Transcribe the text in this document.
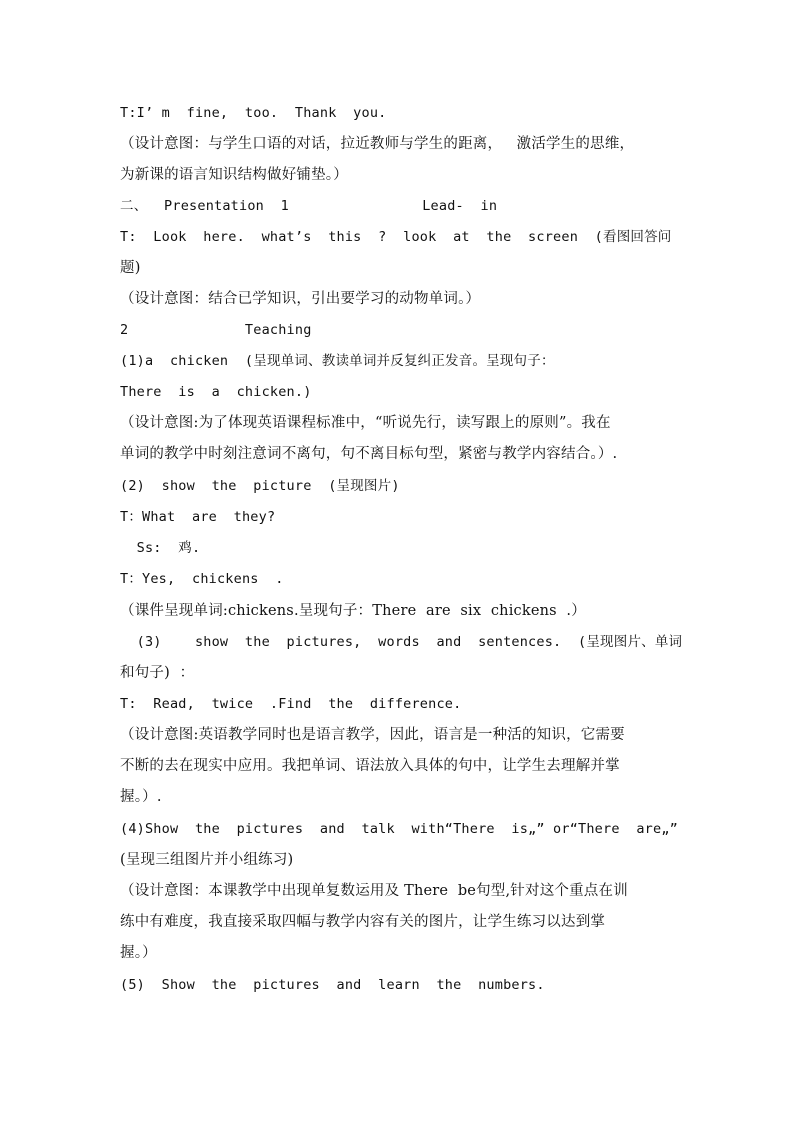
T:I’ m  fine,  too.  Thank  you.
（设计意图：与学生口语的对话，拉近教师与学生的距离，   激活学生的思维，
为新课的语言知识结构做好铺垫。）
二、  Presentation  1                Lead-  in
T:  Look  here.  what’s  this  ?  look  at  the  screen  (看图回答问
题)
（设计意图：结合已学知识，引出要学习的动物单词。）
2              Teaching
(1)a  chicken  (呈现单词、教读单词并反复纠正发音。呈现句子：
There  is  a  chicken.)
（设计意图:为了体现英语课程标准中，“听说先行，读写跟上的原则”。我在
单词的教学中时刻注意词不离句，句不离目标句型，紧密与教学内容结合。）.
(2)  show  the  picture  (呈现图片)
T：What  are  they?
Ss:  鸡.
T：Yes,  chickens  .
（课件呈现单词:chickens.呈现句子：There  are  six  chickens  .）
(3)    show  the  pictures,  words  and  sentences.  (呈现图片、单词
和句子)  ：
T:  Read,  twice  .Find  the  difference.
（设计意图:英语教学同时也是语言教学，因此，语言是一种活的知识，它需要
不断的去在现实中应用。我把单词、语法放入具体的句中，让学生去理解并掌
握。）.
(4)Show  the  pictures  and  talk  with“There  is„” or“There  are„”
(呈现三组图片并小组练习)
（设计意图：本课教学中出现单复数运用及 There  be句型,针对这个重点在训
练中有难度，我直接采取四幅与教学内容有关的图片，让学生练习以达到掌
握。）
(5)  Show  the  pictures  and  learn  the  numbers.
